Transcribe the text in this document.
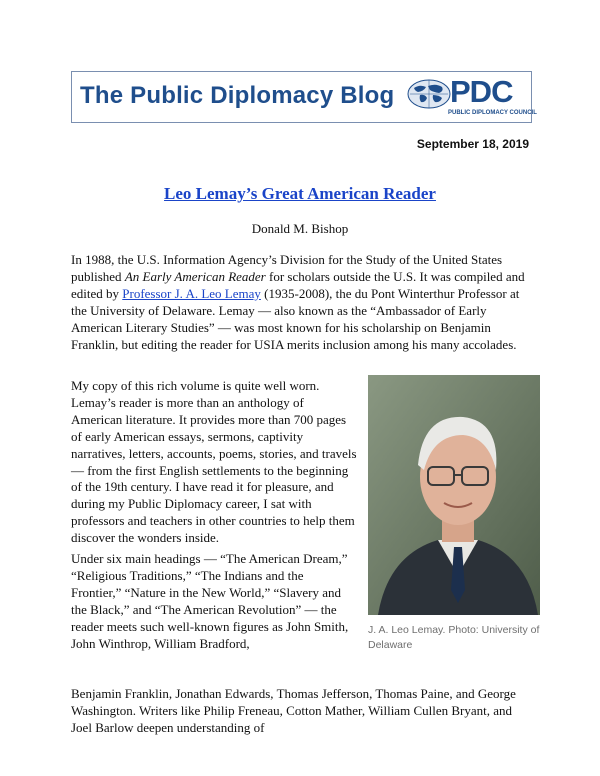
The Public Diplomacy Blog PDC
PUBLIC DIPLOMACY COUNCIL
September 18, 2019
Leo Lemay’s Great American Reader
Donald M. Bishop

In 1988, the U.S. Information Agency’s Division for the Study of the United States published An Early American Reader for scholars outside the U.S. It was compiled and edited by Professor J. A. Leo Lemay (1935-2008), the du Pont Winterthur Professor at the University of Delaware. Lemay — also known as the “Ambassador of Early American Literary Studies” — was most known for his scholarship on Benjamin Franklin, but editing the reader for USIA merits inclusion among his many accolades.

My copy of this rich volume is quite well worn. Lemay’s reader is more than an anthology of American literature. It provides more than 700 pages of early American essays, sermons, captivity narratives, letters, accounts, poems, stories, and travels — from the first English settlements to the beginning of the 19th century. I have read it for pleasure, and during my Public Diplomacy career, I sat with professors and teachers in other countries to help them discover the wonders inside.

Under six main headings — “The American Dream,” “Religious Traditions,” “The Indians and the Frontier,” “Nature in the New World,” “Slavery and the Black,” and “The American Revolution” — the reader meets such well-known figures as John Smith, John Winthrop, William Bradford,

Benjamin Franklin, Jonathan Edwards, Thomas Jefferson, Thomas Paine, and George Washington. Writers like Philip Freneau, Cotton Mather, William Cullen Bryant, and Joel Barlow deepen understanding of

J. A. Leo Lemay. Photo: University of Delaware
